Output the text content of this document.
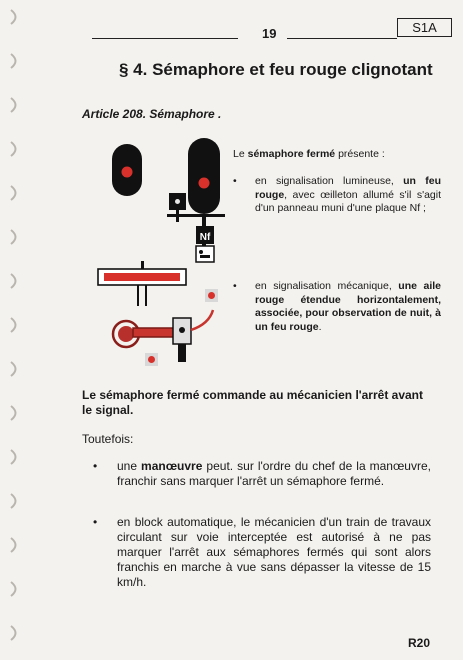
19	S1A
§ 4. Sémaphore et feu rouge clignotant
Article 208. Sémaphore .
Le sémaphore fermé présente :
Nf
• en signalisation lumineuse, un feu rouge, avec œilleton allumé s'il s'agit d'un panneau muni d'une plaque Nf ;
• en signalisation mécanique, une aile rouge étendue horizontalement, associée, pour observation de nuit, à un feu rouge.
Le sémaphore fermé commande au mécanicien l'arrêt avant le signal.
Toutefois:
• une manœuvre peut. sur l'ordre du chef de la manœuvre, franchir sans marquer l'arrêt un sémaphore fermé.
• en block automatique, le mécanicien d'un train de travaux circulant sur voie interceptée est autorisé à ne pas marquer l'arrêt aux sémaphores fermés qui sont alors franchis en marche à vue sans dépasser la vitesse de 15 km/h.
R20
